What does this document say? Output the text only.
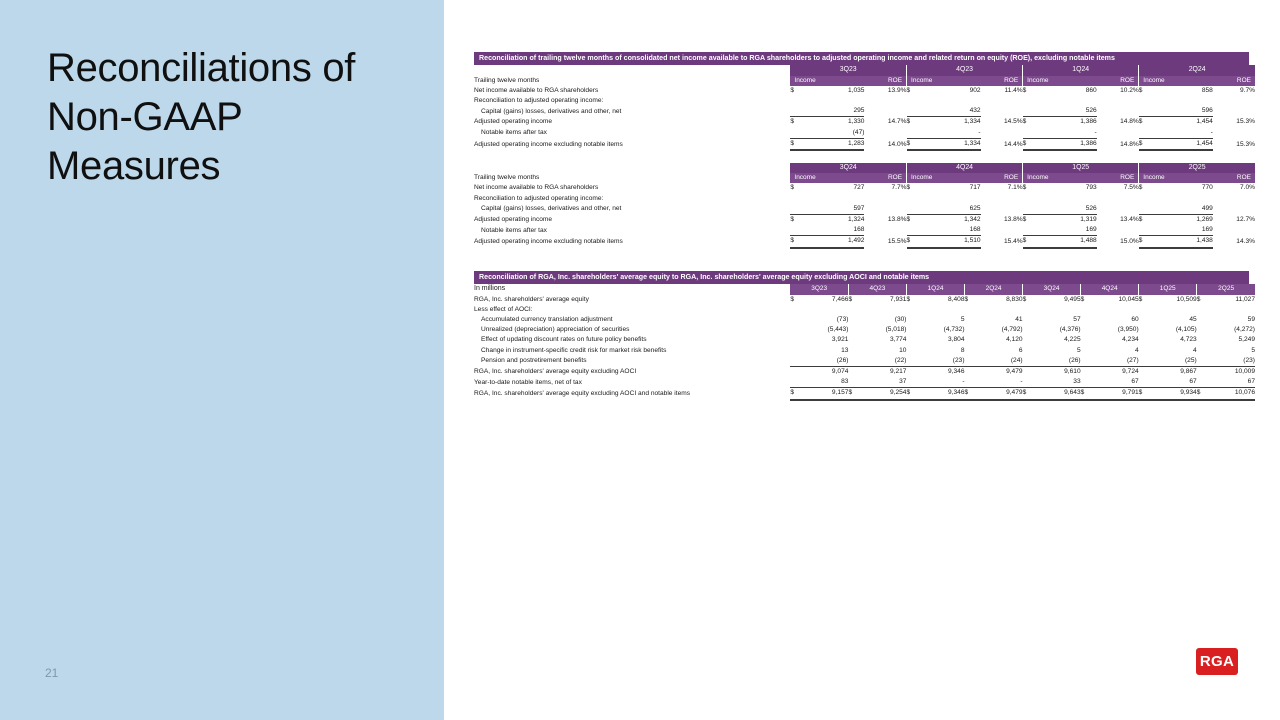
Reconciliations of Non-GAAP Measures
21
RGA
Reconciliation of trailing twelve months of consolidated net income available to RGA shareholders to adjusted operating income and related return on equity (ROE), excluding notable items
	3Q23			4Q23			1Q24			2Q24		
Trailing twelve months	Income		ROE	Income		ROE	Income		ROE	Income		ROE
Net income available to RGA shareholders	$	1,035	13.9%	$	902	11.4%	$	860	10.2%	$	858	9.7%
Reconciliation to adjusted operating income:												
Capital (gains) losses, derivatives and other, net		295			432			526			596	
Adjusted operating income	$	1,330	14.7%	$	1,334	14.5%	$	1,386	14.8%	$	1,454	15.3%
Notable items after tax		(47)			-			-			-	
Adjusted operating income excluding notable items	$	1,283	14.0%	$	1,334	14.4%	$	1,386	14.8%	$	1,454	15.3%
	3Q24			4Q24			1Q25			2Q25		
Trailing twelve months	Income		ROE	Income		ROE	Income		ROE	Income		ROE
Net income available to RGA shareholders	$	727	7.7%	$	717	7.1%	$	793	7.5%	$	770	7.0%
Reconciliation to adjusted operating income:												
Capital (gains) losses, derivatives and other, net		597			625			526			499	
Adjusted operating income	$	1,324	13.8%	$	1,342	13.8%	$	1,319	13.4%	$	1,269	12.7%
Notable items after tax		168			168			169			169	
Adjusted operating income excluding notable items	$	1,492	15.5%	$	1,510	15.4%	$	1,488	15.0%	$	1,438	14.3%
Reconciliation of RGA, Inc. shareholders' average equity to RGA, Inc. shareholders' average equity excluding AOCI and notable items
In millions	3Q23		4Q23		1Q24		2Q24		3Q24		4Q24		1Q25		2Q25	
RGA, Inc. shareholders' average equity	$	7,466	$	7,931	$	8,408	$	8,830	$	9,495	$	10,045	$	10,509	$	11,027
Less effect of AOCI:																
Accumulated currency translation adjustment		(73)		(30)		5		41		57		60		45		59
Unrealized (depreciation) appreciation of securities		(5,443)		(5,018)		(4,732)		(4,792)		(4,376)		(3,950)		(4,105)		(4,272)
Effect of updating discount rates on future policy benefits		3,921		3,774		3,804		4,120		4,225		4,234		4,723		5,249
Change in instrument-specific credit risk for market risk benefits		13		10		8		6		5		4		4		5
Pension and postretirement benefits		(26)		(22)		(23)		(24)		(26)		(27)		(25)		(23)
RGA, Inc. shareholders' average equity excluding AOCI		9,074		9,217		9,346		9,479		9,610		9,724		9,867		10,009
Year-to-date notable items, net of tax		83		37		-		-		33		67		67		67
RGA, Inc. shareholders' average equity excluding AOCI and notable items	$	9,157	$	9,254	$	9,346	$	9,479	$	9,643	$	9,791	$	9,934	$	10,076
